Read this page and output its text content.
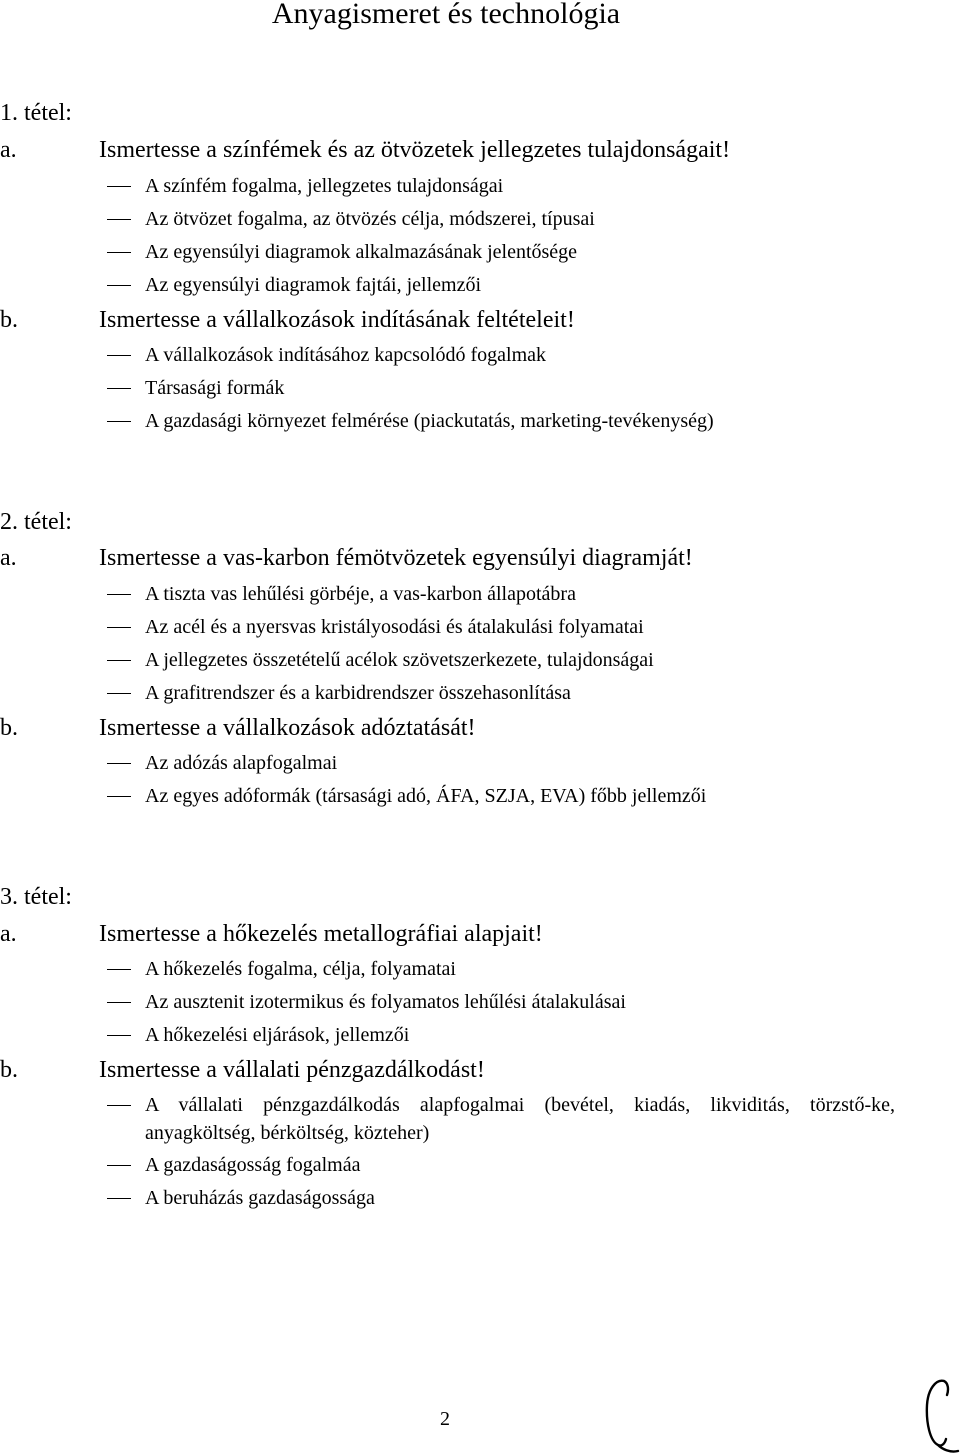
Anyagismeret és technológia
1. tétel:
a.	Ismertesse a színfémek és az ötvözetek jellegzetes tulajdonságait!
A színfém fogalma, jellegzetes tulajdonságai
Az ötvözet fogalma, az ötvözés célja, módszerei, típusai
Az egyensúlyi diagramok alkalmazásának jelentősége
Az egyensúlyi diagramok fajtái, jellemzői
b.	Ismertesse a vállalkozások indításának feltételeit!
A vállalkozások indításához kapcsolódó fogalmak
Társasági formák
A gazdasági környezet felmérése (piackutatás, marketing-tevékenység)
2. tétel:
a.	Ismertesse a vas-karbon fémötvözetek egyensúlyi diagramját!
A tiszta vas lehűlési görbéje, a vas-karbon állapotábra
Az acél és a nyersvas kristályosodási és átalakulási folyamatai
A jellegzetes összetételű acélok szövetszerkezete, tulajdonságai
A grafitrendszer és a karbidrendszer összehasonlítása
b.	Ismertesse a vállalkozások adóztatását!
Az adózás alapfogalmai
Az egyes adóformák (társasági adó, ÁFA, SZJA, EVA) főbb jellemzői
3. tétel:
a.	Ismertesse a hőkezelés metallográfiai alapjait!
A hőkezelés fogalma, célja, folyamatai
Az ausztenit izotermikus és folyamatos lehűlési átalakulásai
A hőkezelési eljárások, jellemzői
b.	Ismertesse a vállalati pénzgazdálkodást!
A vállalati pénzgazdálkodás alapfogalmai (bevétel, kiadás, likviditás, törzstő-ke, anyagköltség, bérköltség, közteher)
A gazdaságosság fogalmáa
A beruházás gazdaságossága
2
